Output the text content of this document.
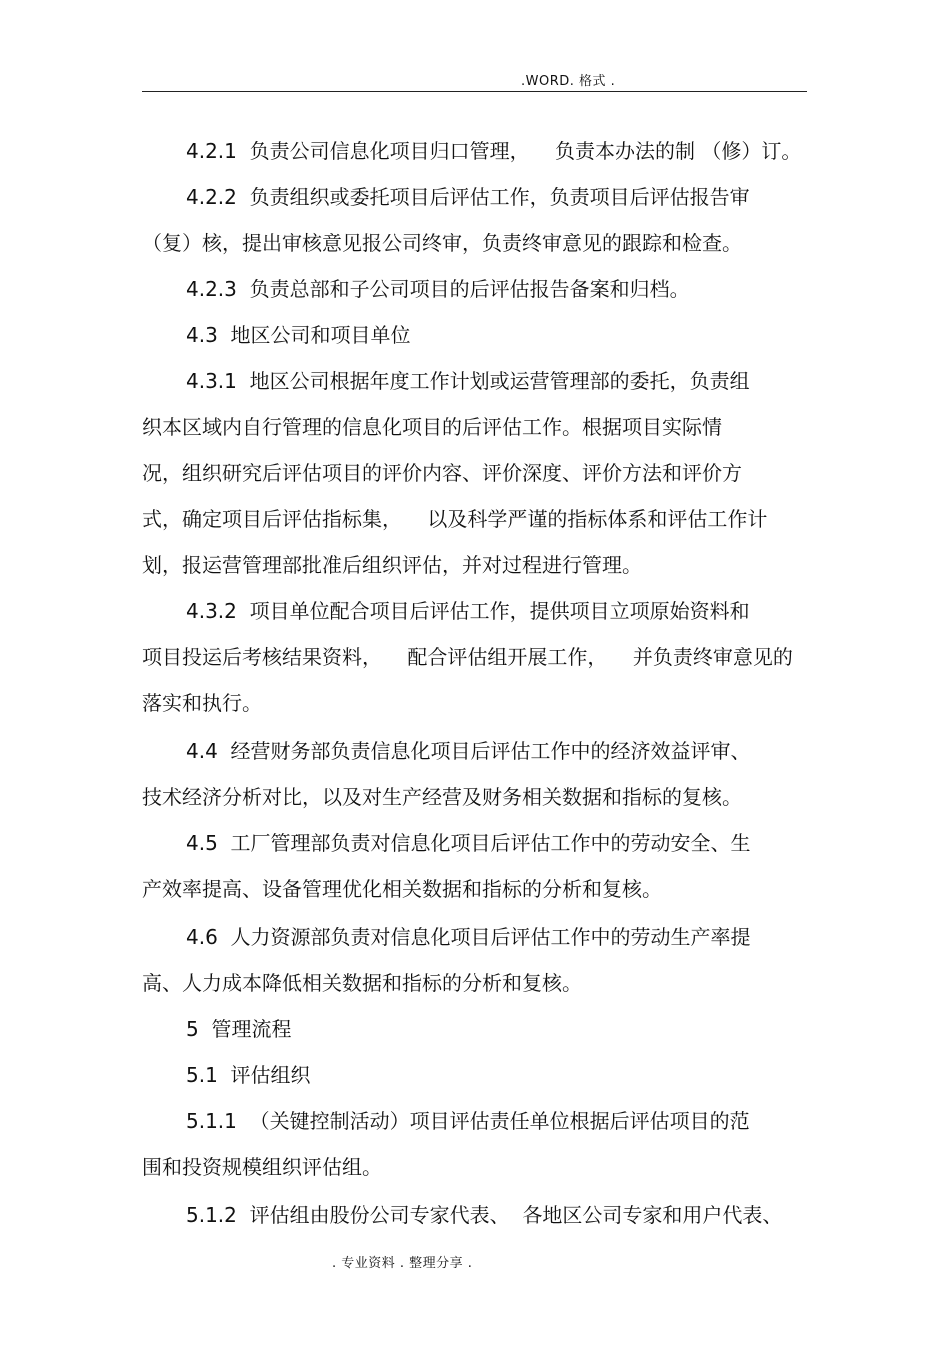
.WORD. 格式 .
4.2.1  负责公司信息化项目归口管理，    负责本办法的制 （修）订。
4.2.2  负责组织或委托项目后评估工作，负责项目后评估报告审
（复）核，提出审核意见报公司终审，负责终审意见的跟踪和检查。
4.2.3  负责总部和子公司项目的后评估报告备案和归档。
4.3  地区公司和项目单位
4.3.1  地区公司根据年度工作计划或运营管理部的委托，负责组
织本区域内自行管理的信息化项目的后评估工作。根据项目实际情
况，组织研究后评估项目的评价内容、评价深度、评价方法和评价方
式，确定项目后评估指标集，    以及科学严谨的指标体系和评估工作计
划，报运营管理部批准后组织评估，并对过程进行管理。
4.3.2  项目单位配合项目后评估工作，提供项目立项原始资料和
项目投运后考核结果资料，    配合评估组开展工作，    并负责终审意见的
落实和执行。
4.4  经营财务部负责信息化项目后评估工作中的经济效益评审、
技术经济分析对比，以及对生产经营及财务相关数据和指标的复核。
4.5  工厂管理部负责对信息化项目后评估工作中的劳动安全、生
产效率提高、设备管理优化相关数据和指标的分析和复核。
4.6  人力资源部负责对信息化项目后评估工作中的劳动生产率提
高、人力成本降低相关数据和指标的分析和复核。
5  管理流程
5.1  评估组织
5.1.1  （关键控制活动）项目评估责任单位根据后评估项目的范
围和投资规模组织评估组。
5.1.2  评估组由股份公司专家代表、  各地区公司专家和用户代表、
. 专业资料 . 整理分享 .
